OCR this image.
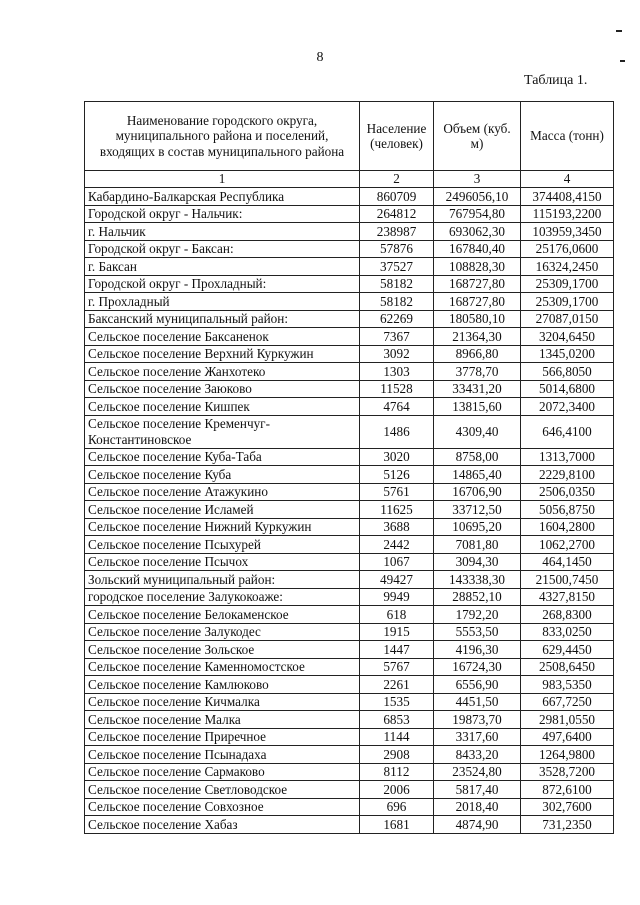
8
Таблица 1.
Наименование городского округа, муниципального района и поселений, входящих в состав муниципального района	Население (человек)	Объем (куб. м)	Масса (тонн)
1	2	3	4
Кабардино-Балкарская Республика	860709	2496056,10	374408,4150
Городской округ - Нальчик:	264812	767954,80	115193,2200
г. Нальчик	238987	693062,30	103959,3450
Городской округ - Баксан:	57876	167840,40	25176,0600
г. Баксан	37527	108828,30	16324,2450
Городской округ - Прохладный:	58182	168727,80	25309,1700
г. Прохладный	58182	168727,80	25309,1700
Баксанский муниципальный район:	62269	180580,10	27087,0150
Сельское поселение Баксаненок	7367	21364,30	3204,6450
Сельское поселение Верхний Куркужин	3092	8966,80	1345,0200
Сельское поселение Жанхотеко	1303	3778,70	566,8050
Сельское поселение Заюково	11528	33431,20	5014,6800
Сельское поселение Кишпек	4764	13815,60	2072,3400
Сельское поселение Кременчуг-Константиновское	1486	4309,40	646,4100
Сельское поселение Куба-Таба	3020	8758,00	1313,7000
Сельское поселение Куба	5126	14865,40	2229,8100
Сельское поселение Атажукино	5761	16706,90	2506,0350
Сельское поселение Исламей	11625	33712,50	5056,8750
Сельское поселение Нижний Куркужин	3688	10695,20	1604,2800
Сельское поселение Псыхурей	2442	7081,80	1062,2700
Сельское поселение Псычох	1067	3094,30	464,1450
Зольский муниципальный район:	49427	143338,30	21500,7450
городское поселение Залукокоаже:	9949	28852,10	4327,8150
Сельское поселение Белокаменское	618	1792,20	268,8300
Сельское поселение Залукодес	1915	5553,50	833,0250
Сельское поселение Зольское	1447	4196,30	629,4450
Сельское поселение Каменномостское	5767	16724,30	2508,6450
Сельское поселение Камлюково	2261	6556,90	983,5350
Сельское поселение Кичмалка	1535	4451,50	667,7250
Сельское поселение Малка	6853	19873,70	2981,0550
Сельское поселение Приречное	1144	3317,60	497,6400
Сельское поселение Псынадаха	2908	8433,20	1264,9800
Сельское поселение Сармаково	8112	23524,80	3528,7200
Сельское поселение Светловодское	2006	5817,40	872,6100
Сельское поселение Совхозное	696	2018,40	302,7600
Сельское поселение Хабаз	1681	4874,90	731,2350
